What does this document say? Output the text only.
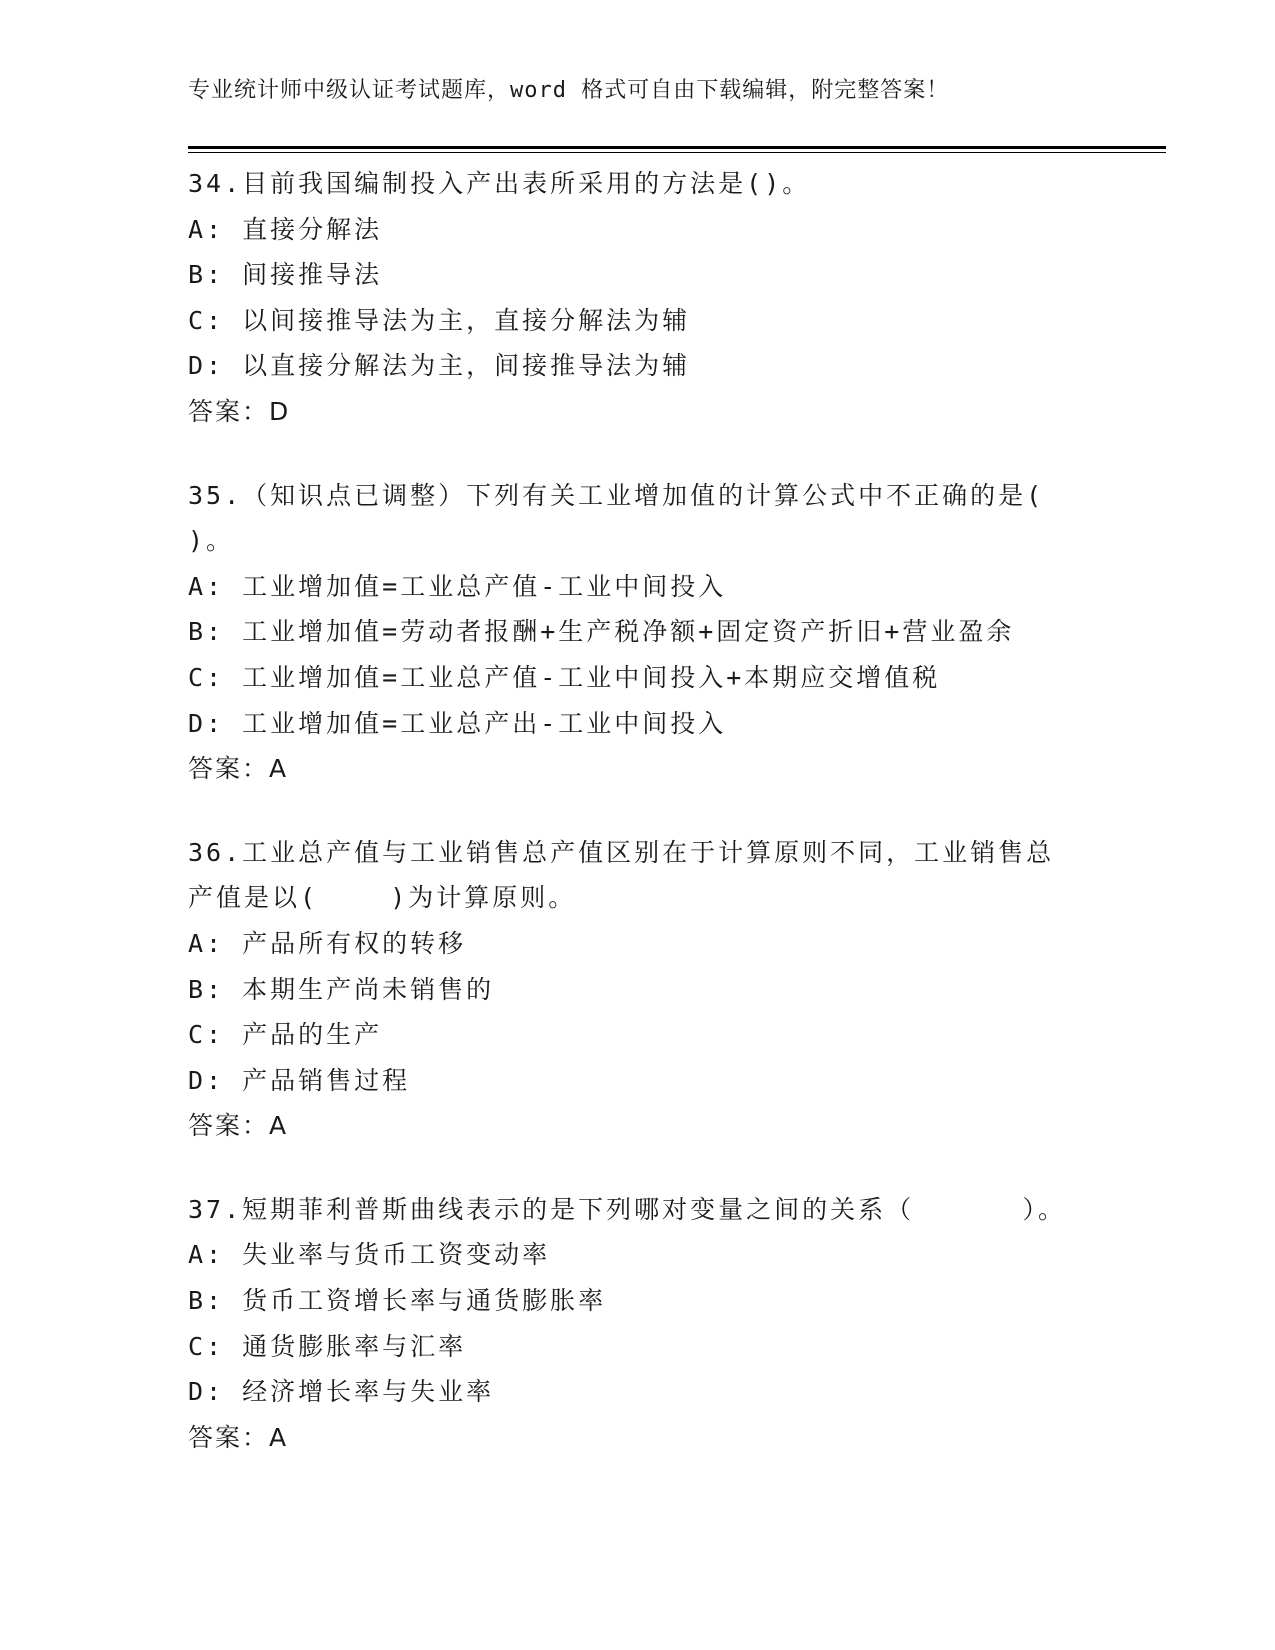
专业统计师中级认证考试题库，word 格式可自由下载编辑，附完整答案！
34.目前我国编制投入产出表所采用的方法是()。
A: 直接分解法
B: 间接推导法
C: 以间接推导法为主，直接分解法为辅
D: 以直接分解法为主，间接推导法为辅
答案：D
35.（知识点已调整）下列有关工业增加值的计算公式中不正确的是(
)。
A: 工业增加值=工业总产值-工业中间投入
B: 工业增加值=劳动者报酬+生产税净额+固定资产折旧+营业盈余
C: 工业增加值=工业总产值-工业中间投入+本期应交增值税
D: 工业增加值=工业总产出-工业中间投入
答案：A
36.工业总产值与工业销售总产值区别在于计算原则不同，工业销售总
产值是以(    )为计算原则。
A: 产品所有权的转移
B: 本期生产尚未销售的
C: 产品的生产
D: 产品销售过程
答案：A
37.短期菲利普斯曲线表示的是下列哪对变量之间的关系（      ）。
A: 失业率与货币工资变动率
B: 货币工资增长率与通货膨胀率
C: 通货膨胀率与汇率
D: 经济增长率与失业率
答案：A
